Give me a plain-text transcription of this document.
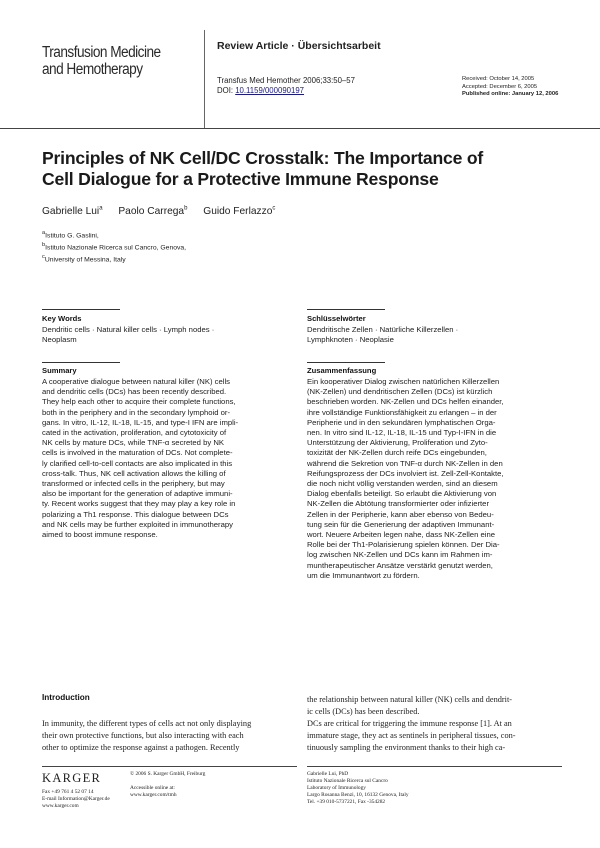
Transfusion Medicine
and Hemotherapy
Review Article · Übersichtsarbeit
Transfus Med Hemother 2006;33:50–57
DOI: 10.1159/000090197
Received: October 14, 2005
Accepted: December 6, 2005
Published online: January 12, 2006
Principles of NK Cell/DC Crosstalk: The Importance of
Cell Dialogue for a Protective Immune Response
Gabrielle Lui$^a$ Paolo Carrega$^b$ Guido Ferlazzo$^c$
$^a$Istituto G. Gaslini,
$^b$Istituto Nazionale Ricerca sul Cancro, Genova,
$^c$University of Messina, Italy
Key Words
Dendritic cells · Natural killer cells · Lymph nodes ·
Neoplasm
Summary
A cooperative dialogue between natural killer (NK) cells
and dendritic cells (DCs) has been recently described.
They help each other to acquire their complete functions,
both in the periphery and in the secondary lymphoid or-
gans. In vitro, IL-12, IL-18, IL-15, and type-I IFN are impli-
cated in the activation, proliferation, and cytotoxicity of
NK cells by mature DCs, while TNF-α secreted by NK
cells is involved in the maturation of DCs. Not complete-
ly clarified cell-to-cell contacts are also implicated in this
cross-talk. Thus, NK cell activation allows the killing of
transformed or infected cells in the periphery, but may
also be important for the generation of adaptive immuni-
ty. Recent works suggest that they may play a key role in
polarizing a Th1 response. This dialogue between DCs
and NK cells may be further exploited in immunotherapy
aimed to boost immune response.
Schlüsselwörter
Dendritische Zellen · Natürliche Killerzellen ·
Lymphknoten · Neoplasie
Zusammenfassung
Ein kooperativer Dialog zwischen natürlichen Killerzellen
(NK-Zellen) und dendritischen Zellen (DCs) ist kürzlich
beschrieben worden. NK-Zellen und DCs helfen einander,
ihre vollständige Funktionsfähigkeit zu erlangen – in der
Peripherie und in den sekundären lymphatischen Orga-
nen. In vitro sind IL-12, IL-18, IL-15 und Typ-I-IFN in die
Unterstützung der Aktivierung, Proliferation und Zyto-
toxizität der NK-Zellen durch reife DCs eingebunden,
während die Sekretion von TNF-α durch NK-Zellen in den
Reifungsprozess der DCs involviert ist. Zell-Zell-Kontakte,
die noch nicht völlig verstanden werden, sind an diesem
Dialog ebenfalls beteiligt. So erlaubt die Aktivierung von
NK-Zellen die Abtötung transformierter oder infizierter
Zellen in der Peripherie, kann aber ebenso von Bedeu-
tung sein für die Generierung der adaptiven Immunant-
wort. Neuere Arbeiten legen nahe, dass NK-Zellen eine
Rolle bei der Th1-Polarisierung spielen können. Der Dia-
log zwischen NK-Zellen und DCs kann im Rahmen im-
muntherapeutischer Ansätze verstärkt genutzt werden,
um die Immunantwort zu fördern.
Introduction
In immunity, the different types of cells act not only displaying
their own protective functions, but also interacting with each
other to optimize the response against a pathogen. Recently
the relationship between natural killer (NK) cells and dendrit-
ic cells (DCs) has been described.
DCs are critical for triggering the immune response [1]. At an
immature stage, they act as sentinels in peripheral tissues, con-
tinuously sampling the environment thanks to their high ca-
KARGER
Fax +49 761 4 52 07 14
E-mail Information@Karger.de
www.karger.com
© 2006 S. Karger GmbH, Freiburg
Accessible online at:
www.karger.com/tmh
Gabrielle Lui, PhD
Istituto Nazionale Ricerca sul Cancro
Laboratory of Immunology
Largo Rosanna Benzi, 10, 16132 Genova, Italy
Tel. +39 010-5737221, Fax -354282
